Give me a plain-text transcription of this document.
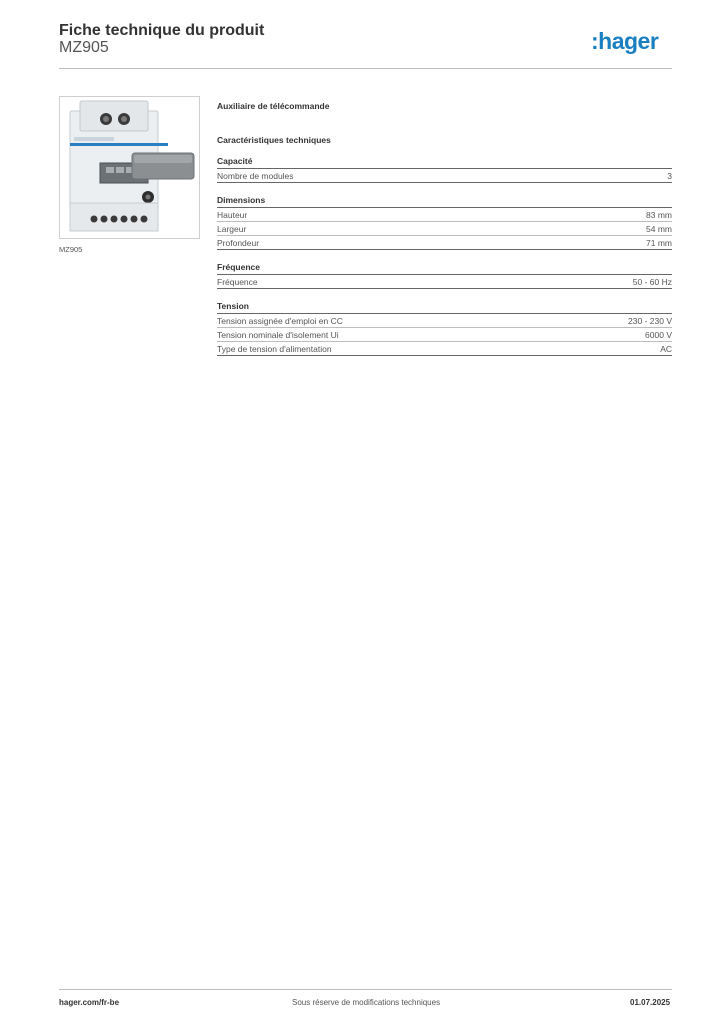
Fiche technique du produit
MZ905	:hager
MZ905
Auxiliaire de télécommande
Caractéristiques techniques
Capacité
Nombre de modules	3
Dimensions
Hauteur	83 mm
Largeur	54 mm
Profondeur	71 mm
Fréquence
Fréquence	50 - 60 Hz
Tension
Tension assignée d'emploi en CC	230 - 230 V
Tension nominale d'isolement Ui	6000 V
Type de tension d'alimentation	AC
hager.com/fr-be	Sous réserve de modifications techniques	01.07.2025
